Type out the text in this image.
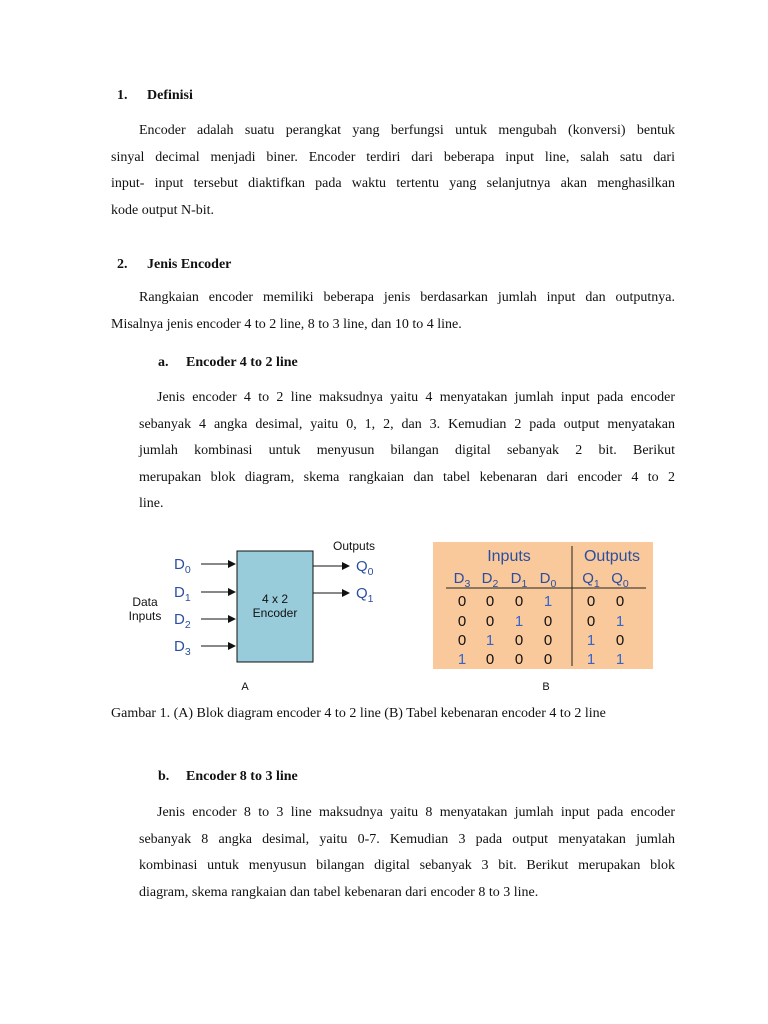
1. Definisi
Encoder adalah suatu perangkat yang berfungsi untuk mengubah (konversi) bentuk
sinyal decimal menjadi biner. Encoder terdiri dari beberapa input line, salah satu dari
input- input tersebut diaktifkan pada waktu tertentu yang selanjutnya akan menghasilkan
kode output N-bit.
2. Jenis Encoder
Rangkaian encoder memiliki beberapa jenis berdasarkan jumlah input dan outputnya.
Misalnya jenis encoder 4 to 2 line, 8 to 3 line, dan 10 to 4 line.
a. Encoder 4 to 2 line
Jenis encoder 4 to 2 line maksudnya yaitu 4 menyatakan jumlah input pada encoder
sebanyak 4 angka desimal, yaitu 0, 1, 2, dan 3. Kemudian 2 pada output menyatakan
jumlah kombinasi untuk menyusun bilangan digital sebanyak 2 bit. Berikut
merupakan blok diagram, skema rangkaian dan tabel kebenaran dari encoder 4 to 2
line.
Outputs
4 x 2
Encoder
Data
Inputs
$D_0$
$D_1$
$D_2$
$D_3$
$Q_0$
$Q_1$
A
Inputs	Outputs
$D_3$ $D_2$ $D_1$ $D_0$ $Q_1$ $Q_0$
0 0 0 1 0 0
0 0 1 0 0 1
0 1 0 0 1 0
1 0 0 0 1 1
B
Gambar 1. (A) Blok diagram encoder 4 to 2 line (B) Tabel kebenaran encoder 4 to 2 line
b. Encoder 8 to 3 line
Jenis encoder 8 to 3 line maksudnya yaitu 8 menyatakan jumlah input pada encoder
sebanyak 8 angka desimal, yaitu 0-7. Kemudian 3 pada output menyatakan jumlah
kombinasi untuk menyusun bilangan digital sebanyak 3 bit. Berikut merupakan blok
diagram, skema rangkaian dan tabel kebenaran dari encoder 8 to 3 line.
